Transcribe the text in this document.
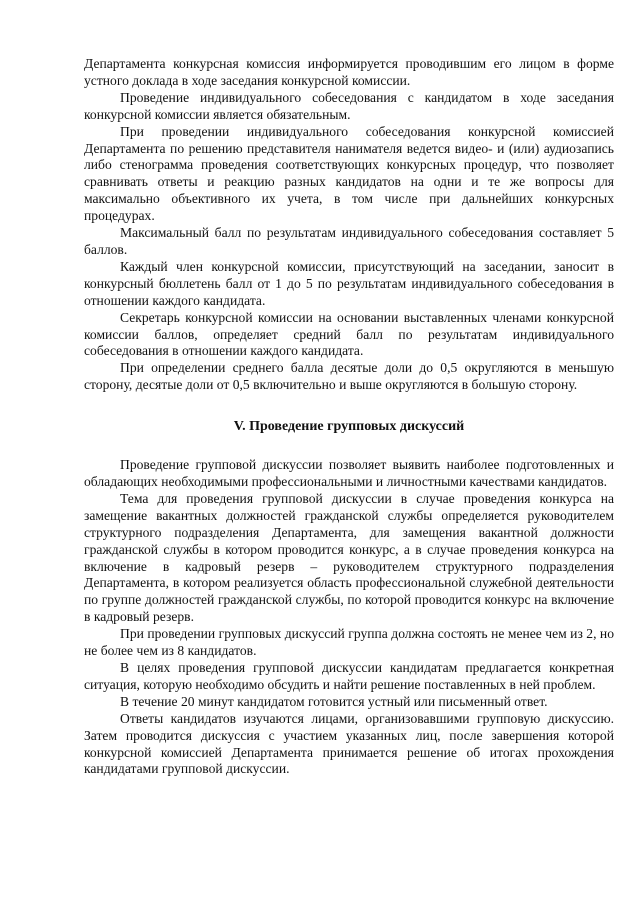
Департамента конкурсная комиссия информируется проводившим его лицом в форме устного доклада в ходе заседания конкурсной комиссии.

Проведение индивидуального собеседования с кандидатом в ходе заседания конкурсной комиссии является обязательным.

При проведении индивидуального собеседования конкурсной комиссией Департамента по решению представителя нанимателя ведется видео- и (или) аудиозапись либо стенограмма проведения соответствующих конкурсных процедур, что позволяет сравнивать ответы и реакцию разных кандидатов на одни и те же вопросы для максимально объективного их учета, в том числе при дальнейших конкурсных процедурах.

Максимальный балл по результатам индивидуального собеседования составляет 5 баллов.

Каждый член конкурсной комиссии, присутствующий на заседании, заносит в конкурсный бюллетень балл от 1 до 5 по результатам индивидуального собеседования в отношении каждого кандидата.

Секретарь конкурсной комиссии на основании выставленных членами конкурсной комиссии баллов, определяет средний балл по результатам индивидуального собеседования в отношении каждого кандидата.

При определении среднего балла десятые доли до 0,5 округляются в меньшую сторону, десятые доли от 0,5 включительно и выше округляются в большую сторону.

V. Проведение групповых дискуссий

Проведение групповой дискуссии позволяет выявить наиболее подготовленных и обладающих необходимыми профессиональными и личностными качествами кандидатов.

Тема для проведения групповой дискуссии в случае проведения конкурса на замещение вакантных должностей гражданской службы определяется руководителем структурного подразделения Департамента, для замещения вакантной должности гражданской службы в котором проводится конкурс, а в случае проведения конкурса на включение в кадровый резерв – руководителем структурного подразделения Департамента, в котором реализуется область профессиональной служебной деятельности по группе должностей гражданской службы, по которой проводится конкурс на включение в кадровый резерв.

При проведении групповых дискуссий группа должна состоять не менее чем из 2, но не более чем из 8 кандидатов.

В целях проведения групповой дискуссии кандидатам предлагается конкретная ситуация, которую необходимо обсудить и найти решение поставленных в ней проблем.

В течение 20 минут кандидатом готовится устный или письменный ответ.

Ответы кандидатов изучаются лицами, организовавшими групповую дискуссию. Затем проводится дискуссия с участием указанных лиц, после завершения которой конкурсной комиссией Департамента принимается решение об итогах прохождения кандидатами групповой дискуссии.
